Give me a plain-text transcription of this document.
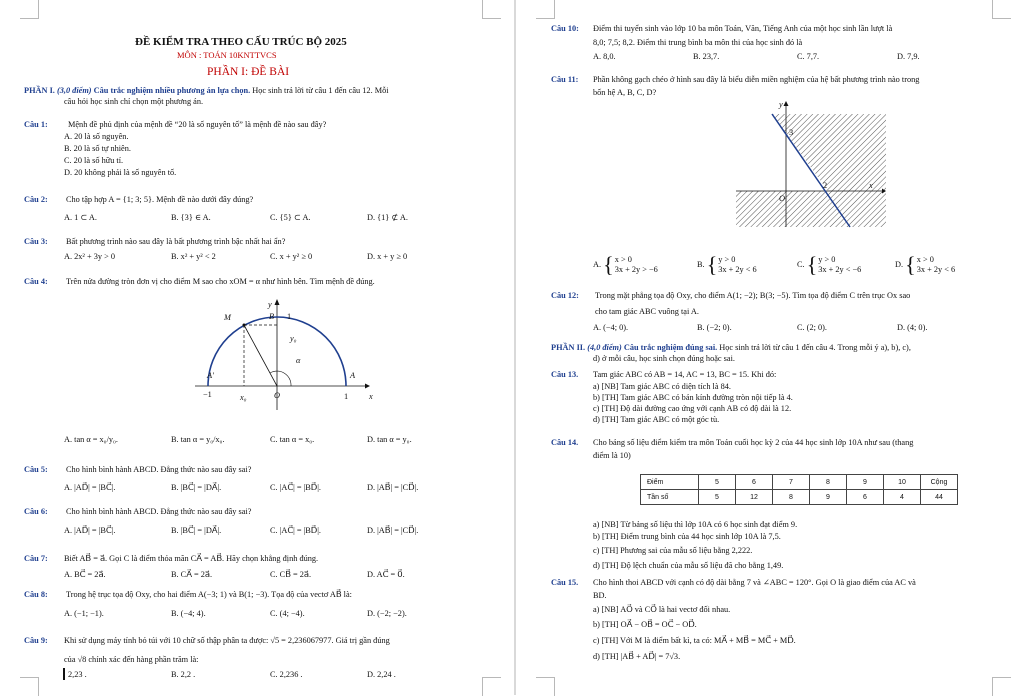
ĐỀ KIỂM TRA THEO CẤU TRÚC BỘ 2025
MÔN : TOÁN 10KNTTVCS
PHẦN I: ĐỀ BÀI
PHẦN I. (3,0 điểm) Câu trắc nghiệm nhiều phương án lựa chọn. Học sinh trả lời từ câu 1 đến câu 12. Mỗi
câu hỏi học sinh chỉ chọn một phương án.
Câu 1: Mệnh đề phủ định của mệnh đề “20 là số nguyên tố” là mệnh đề nào sau đây?
A. 20 là số nguyên.
B. 20 là số tự nhiên.
C. 20 là số hữu tỉ.
D. 20 không phải là số nguyên tố.
Câu 2: Cho tập hợp A = {1; 3; 5}. Mệnh đề nào dưới đây đúng?
A. 1 ⊂ A.	B. {3} ∈ A.	C. {5} ⊂ A.	D. {1} ⊄ A.
Câu 3: Bất phương trình nào sau đây là bất phương trình bậc nhất hai ẩn?
A. 2x² + 3y > 0	B. x² + y² < 2	C. x + y² ≥ 0	D. x + y ≥ 0
Câu 4: Trên nửa đường tròn đơn vị cho điểm M sao cho xOM = α như hình bên. Tìm mệnh đề đúng.
M	B 1
y
y₀
α
A′	A
−1	x₀	O	1	x
A. tan α = x₀/y₀.	B. tan α = y₀/x₀.	C. tan α = x₀.	D. tan α = y₀.
Câu 5: Cho hình bình hành ABCD. Đẳng thức nào sau đây sai?
A. |AD⃗| = |BC⃗|.	B. |BC⃗| = |DA⃗|.	C. |AC⃗| = |BD⃗|.	D. |AB⃗| = |CD⃗|.
Câu 6: Cho hình bình hành ABCD. Đẳng thức nào sau đây sai?
A. |AD⃗| = |BC⃗|.	B. |BC⃗| = |DA⃗|.	C. |AC⃗| = |BD⃗|.	D. |AB⃗| = |CD⃗|.
Câu 7: Biết AB⃗ = a⃗. Gọi C là điểm thỏa mãn CA⃗ = AB⃗. Hãy chọn khẳng định đúng.
A. BC⃗ = 2a⃗.	B. CA⃗ = 2a⃗.	C. CB⃗ = 2a⃗.	D. AC⃗ = 0⃗.
Câu 8: Trong hệ trục tọa độ Oxy, cho hai điểm A(−3; 1) và B(1; −3). Tọa độ của vectơ AB⃗ là:
A. (−1; −1).	B. (−4; 4).	C. (4; −4).	D. (−2; −2).
Câu 9: Khi sử dụng máy tính bỏ túi với 10 chữ số thập phân ta được: √5 = 2,236067977. Giá trị gần đúng
của √8 chính xác đến hàng phần trăm là:
2,23 .	B. 2,2 .	C. 2,236 .	D. 2,24 .
Câu 10: Điểm thi tuyển sinh vào lớp 10 ba môn Toán, Văn, Tiếng Anh của một học sinh lần lượt là
8,0; 7,5; 8,2. Điểm thi trung bình ba môn thi của học sinh đó là
A. 8,0.	B. 23,7.	C. 7,7.	D. 7,9.
Câu 11: Phần không gạch chéo ở hình sau đây là biểu diễn miền nghiệm của hệ bất phương trình nào trong
bốn hệ A, B, C, D?
y
3
2
O
x
A. {x > 0
3x + 2y > −6
B. {y > 0
3x + 2y < 6
C. {y > 0
3x + 2y < −6
D. {x > 0
3x + 2y < 6
Câu 12: Trong mặt phẳng tọa độ Oxy, cho điểm A(1; −2); B(3; −5). Tìm tọa độ điểm C trên trục Ox sao
cho tam giác ABC vuông tại A.
A. (−4; 0).	B. (−2; 0).	C. (2; 0).	D. (4; 0).
PHẦN II. (4,0 điểm) Câu trắc nghiệm đúng sai. Học sinh trả lời từ câu 1 đến câu 4. Trong mỗi ý a), b), c),
d) ở mỗi câu, học sinh chọn đúng hoặc sai.
Câu 13. Tam giác ABC có AB = 14, AC = 13, BC = 15. Khi đó:
a) [NB] Tam giác ABC có diện tích là 84.
b) [TH] Tam giác ABC có bán kính đường tròn nội tiếp là 4.
c) [TH] Độ dài đường cao ứng với cạnh AB có độ dài là 12.
d) [TH] Tam giác ABC có một góc tù.
Câu 14. Cho bảng số liệu điểm kiểm tra môn Toán cuối học kỳ 2 của 44 học sinh lớp 10A như sau (thang
điểm là 10)
Điểm	5	6	7	8	9	10	Cộng
Tần số	5	12	8	9	6	4	44
a) [NB] Từ bảng số liệu thì lớp 10A có 6 học sinh đạt điểm 9.
b) [TH] Điểm trung bình của 44 học sinh lớp 10A là 7,5.
c) [TH] Phương sai của mẫu số liệu bằng 2,222.
d) [TH] Độ lệch chuẩn của mẫu số liệu đã cho bằng 1,49.
Câu 15. Cho hình thoi ABCD với cạnh có độ dài bằng 7 và ∠ABC = 120°. Gọi O là giao điểm của AC và
BD.
a) [NB] AO⃗ và CO⃗ là hai vectơ đối nhau.
b) [TH] OA⃗ − OB⃗ = OC⃗ − OD⃗.
c) [TH] Với M là điểm bất kì, ta có: MA⃗ + MB⃗ = MC⃗ + MD⃗.
d) [TH] |AB⃗ + AD⃗| = 7√3.
